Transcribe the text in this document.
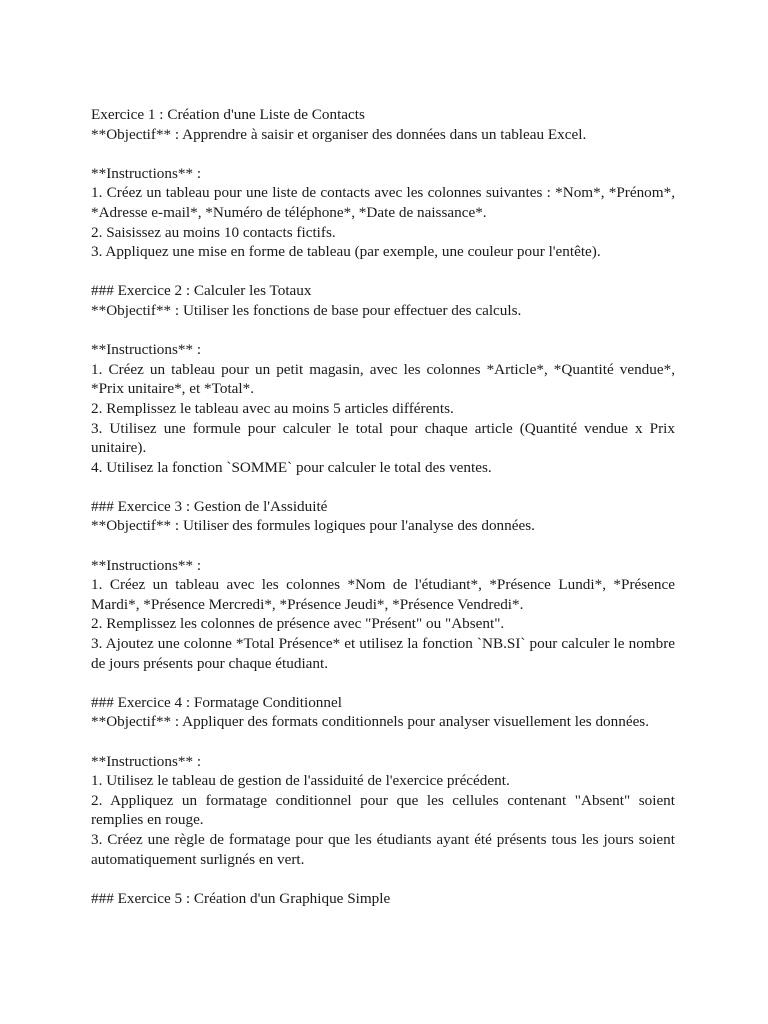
Exercice 1 : Création d'une Liste de Contacts

**Objectif** : Apprendre à saisir et organiser des données dans un tableau Excel.

**Instructions** :

1. Créez un tableau pour une liste de contacts avec les colonnes suivantes : *Nom*, *Prénom*, *Adresse e-mail*, *Numéro de téléphone*, *Date de naissance*.

2. Saisissez au moins 10 contacts fictifs.

3. Appliquez une mise en forme de tableau (par exemple, une couleur pour l'entête).

### Exercice 2 : Calculer les Totaux

**Objectif** : Utiliser les fonctions de base pour effectuer des calculs.

**Instructions** :

1. Créez un tableau pour un petit magasin, avec les colonnes *Article*, *Quantité vendue*, *Prix unitaire*, et *Total*.

2. Remplissez le tableau avec au moins 5 articles différents.

3. Utilisez une formule pour calculer le total pour chaque article (Quantité vendue x Prix unitaire).

4. Utilisez la fonction `SOMME` pour calculer le total des ventes.

### Exercice 3 : Gestion de l'Assiduité

**Objectif** : Utiliser des formules logiques pour l'analyse des données.

**Instructions** :

1. Créez un tableau avec les colonnes *Nom de l'étudiant*, *Présence Lundi*, *Présence Mardi*, *Présence Mercredi*, *Présence Jeudi*, *Présence Vendredi*.

2. Remplissez les colonnes de présence avec "Présent" ou "Absent".

3. Ajoutez une colonne *Total Présence* et utilisez la fonction `NB.SI` pour calculer le nombre de jours présents pour chaque étudiant.

### Exercice 4 : Formatage Conditionnel

**Objectif** : Appliquer des formats conditionnels pour analyser visuellement les données.

**Instructions** :

1. Utilisez le tableau de gestion de l'assiduité de l'exercice précédent.

2. Appliquez un formatage conditionnel pour que les cellules contenant "Absent" soient remplies en rouge.

3. Créez une règle de formatage pour que les étudiants ayant été présents tous les jours soient automatiquement surlignés en vert.

### Exercice 5 : Création d'un Graphique Simple
